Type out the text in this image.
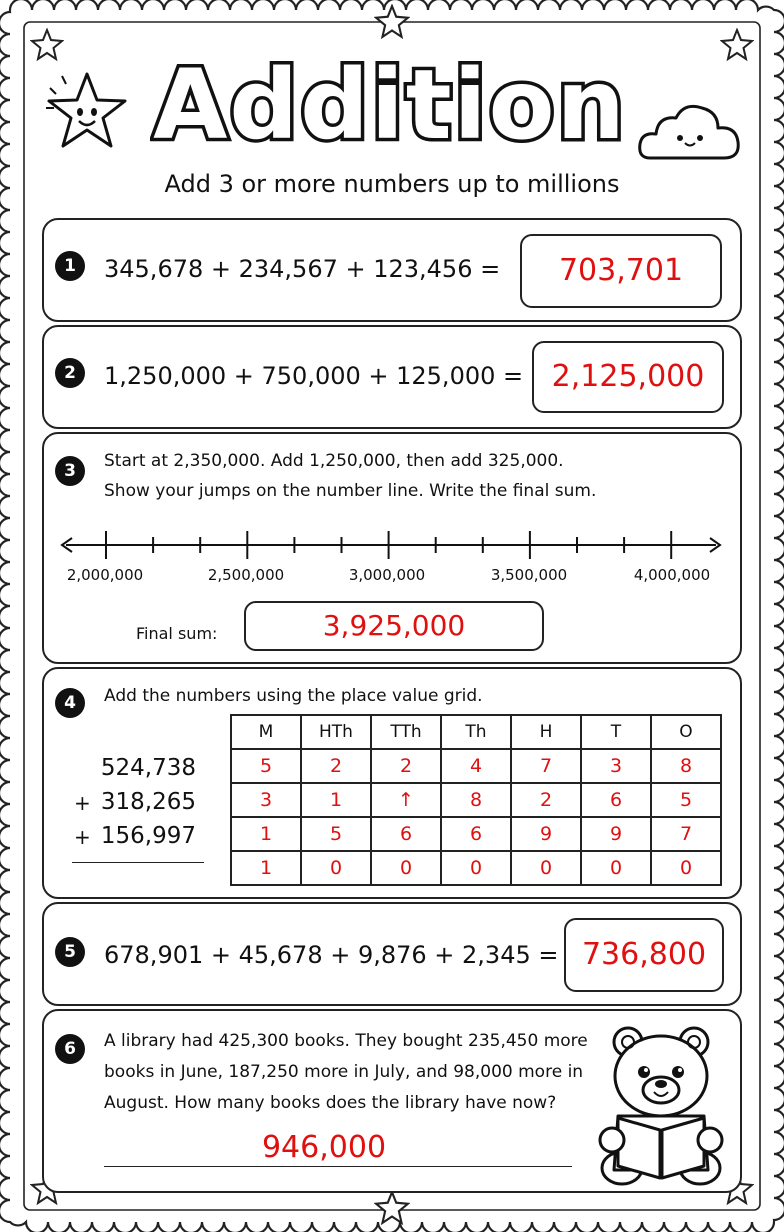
Addition
Add 3 or more numbers up to millions
1	345,678 + 234,567 + 123,456 =	703,701
2	1,250,000 + 750,000 + 125,000 = 2,125,000
3	Start at 2,350,000. Add 1,250,000, then add 325,000.
Show your jumps on the number line. Write the final sum.
2,000,000	2,500,000	3,000,000	3,500,000	4,000,000
Final sum:	3,925,000
4	Add the numbers using the place value grid.
524,738
+ 318,265
+ 156,997
M	HTh	TTh	Th	H	T	O
5	2	2	4	7	3	8
3	1	↑	8	2	6	5
1	5	6	6	9	9	7
1	0	0	0	0	0	0
5	678,901 + 45,678 + 9,876 + 2,345 = 736,800
6	A library had 425,300 books. They bought 235,450 more
books in June, 187,250 more in July, and 98,000 more in
August. How many books does the library have now?
946,000
